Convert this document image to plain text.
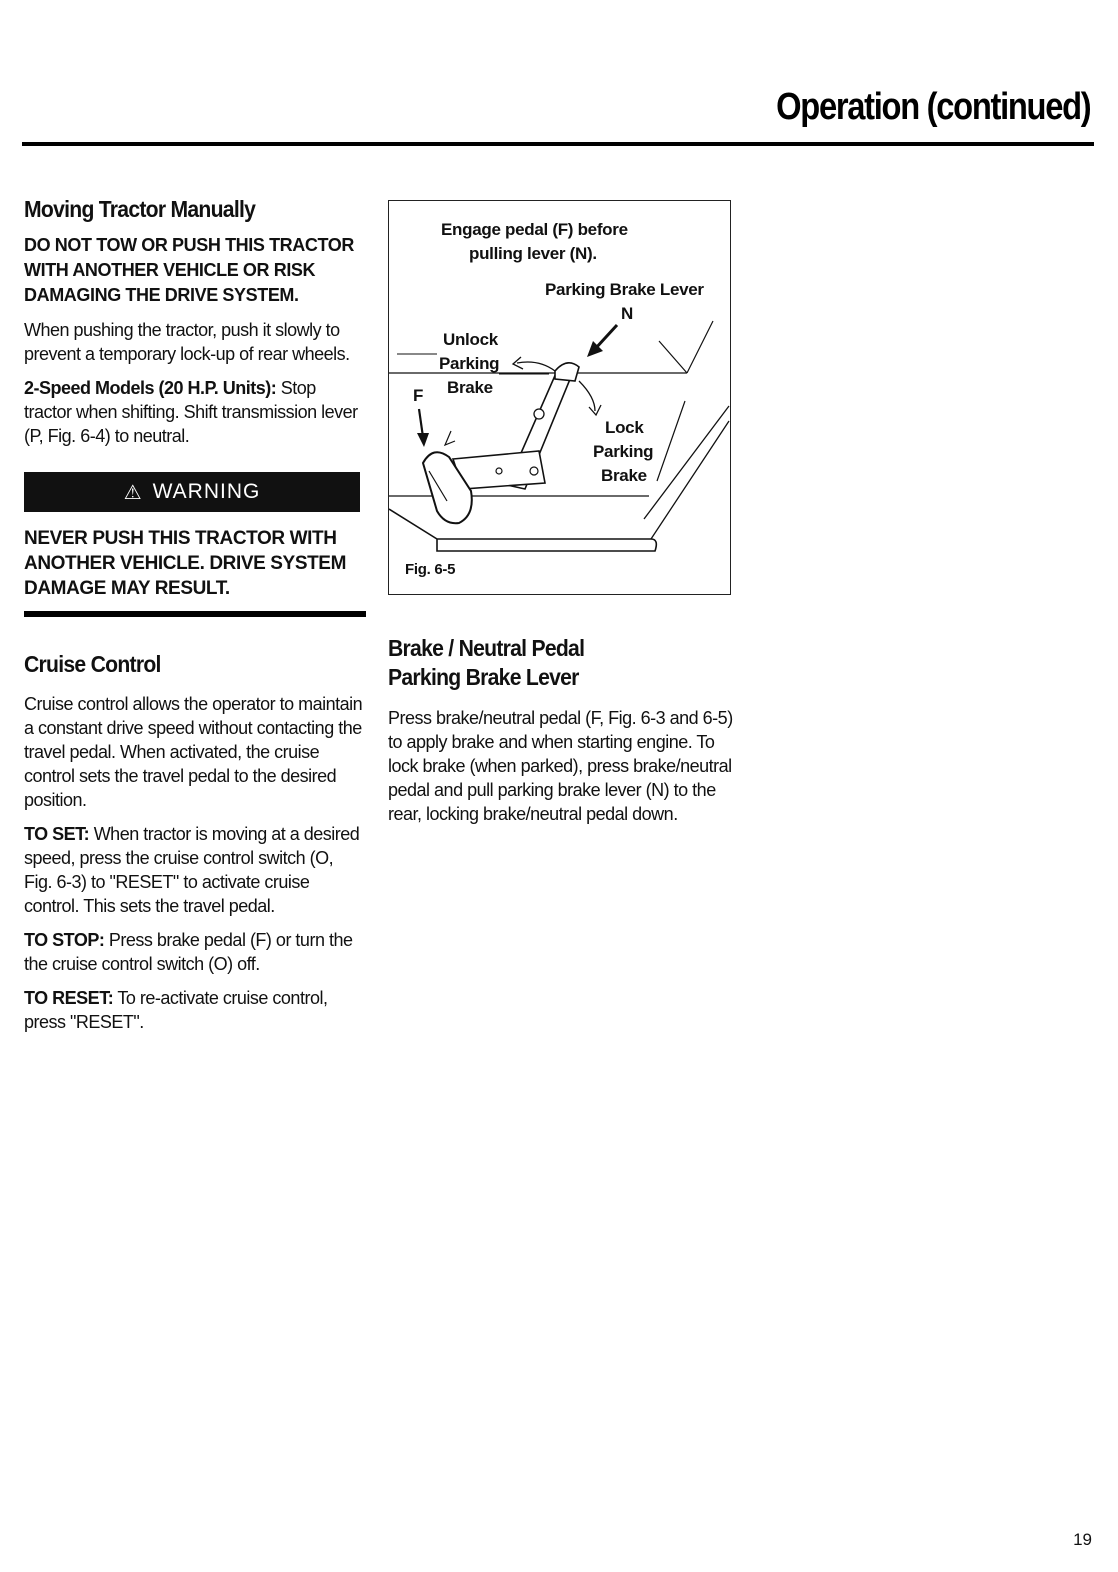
Operation (continued)
Moving Tractor Manually

DO NOT TOW OR PUSH THIS TRACTOR WITH ANOTHER VEHICLE OR RISK DAMAGING THE DRIVE SYSTEM.

When pushing the tractor, push it slowly to prevent a temporary lock-up of rear wheels.

2-Speed Models (20 H.P. Units): Stop tractor when shifting. Shift transmission lever (P, Fig. 6-4) to neutral.

⚠ WARNING

NEVER PUSH THIS TRACTOR WITH ANOTHER VEHICLE. DRIVE SYSTEM DAMAGE MAY RESULT.

Cruise Control

Cruise control allows the operator to maintain a constant drive speed without contacting the travel pedal. When activated, the cruise control sets the travel pedal to the desired position.

TO SET: When tractor is moving at a desired speed, press the cruise control switch (O, Fig. 6-3) to "RESET" to activate cruise control. This sets the travel pedal.

TO STOP: Press brake pedal (F) or turn the the cruise control switch (O) off.

TO RESET: To re-activate cruise control, press "RESET".

Engage pedal (F) before
pulling lever (N).
Parking Brake Lever
N
Unlock
Parking
Brake
F
Lock
Parking
Brake
Fig. 6-5
Brake / Neutral Pedal
Parking Brake Lever

Press brake/neutral pedal (F, Fig. 6-3 and 6-5) to apply brake and when starting engine. To lock brake (when parked), press brake/neutral pedal and pull parking brake lever (N) to the rear, locking brake/neutral pedal down.

19
